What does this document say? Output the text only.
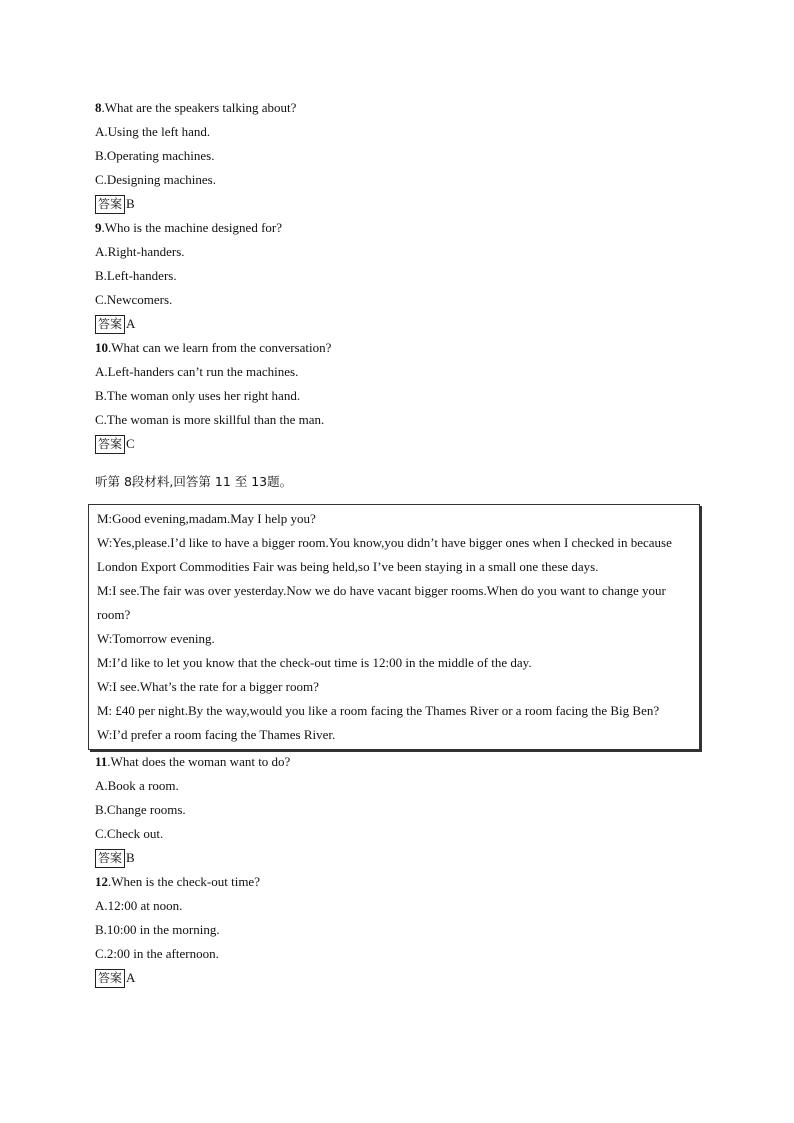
8.What are the speakers talking about?
A.Using the left hand.
B.Operating machines.
C.Designing machines.
答案 B
9.Who is the machine designed for?
A.Right-handers.
B.Left-handers.
C.Newcomers.
答案 A
10.What can we learn from the conversation?
A.Left-handers can’t run the machines.
B.The woman only uses her right hand.
C.The woman is more skillful than the man.
答案 C
听第 8段材料,回答第 11 至 13题。
M:Good evening,madam.May I help you?
W:Yes,please.I’d like to have a bigger room.You know,you didn’t have bigger ones when I checked in because London Export Commodities Fair was being held,so I’ve been staying in a small one these days.
M:I see.The fair was over yesterday.Now we do have vacant bigger rooms.When do you want to change your room?
W:Tomorrow evening.
M:I’d like to let you know that the check-out time is 12:00 in the middle of the day.
W:I see.What’s the rate for a bigger room?
M: £40 per night.By the way,would you like a room facing the Thames River or a room facing the Big Ben?
W:I’d prefer a room facing the Thames River.
11.What does the woman want to do?
A.Book a room.
B.Change rooms.
C.Check out.
答案 B
12.When is the check-out time?
A.12:00 at noon.
B.10:00 in the morning.
C.2:00 in the afternoon.
答案 A
